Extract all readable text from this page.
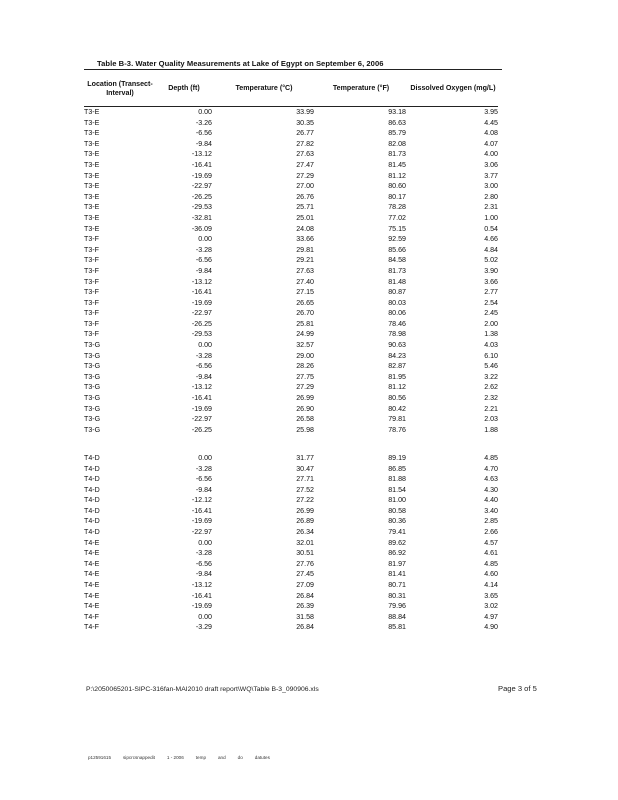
Table B-3. Water Quality Measurements at Lake of Egypt on September 6, 2006
Location (Transect-Interval)	Depth (ft)	Temperature (°C)	Temperature (°F)	Dissolved Oxygen (mg/L)
T3-E	0.00	33.99	93.18	3.95
T3-E	-3.26	30.35	86.63	4.45
T3-E	-6.56	26.77	85.79	4.08
T3-E	-9.84	27.82	82.08	4.07
T3-E	-13.12	27.63	81.73	4.00
T3-E	-16.41	27.47	81.45	3.06
T3-E	-19.69	27.29	81.12	3.77
T3-E	-22.97	27.00	80.60	3.00
T3-E	-26.25	26.76	80.17	2.80
T3-E	-29.53	25.71	78.28	2.31
T3-E	-32.81	25.01	77.02	1.00
T3-E	-36.09	24.08	75.15	0.54
T3-F	0.00	33.66	92.59	4.66
T3-F	-3.28	29.81	85.66	4.84
T3-F	-6.56	29.21	84.58	5.02
T3-F	-9.84	27.63	81.73	3.90
T3-F	-13.12	27.40	81.48	3.66
T3-F	-16.41	27.15	80.87	2.77
T3-F	-19.69	26.65	80.03	2.54
T3-F	-22.97	26.70	80.06	2.45
T3-F	-26.25	25.81	78.46	2.00
T3-F	-29.53	24.99	78.98	1.38
T3-G	0.00	32.57	90.63	4.03
T3-G	-3.28	29.00	84.23	6.10
T3-G	-6.56	28.26	82.87	5.46
T3-G	-9.84	27.75	81.95	3.22
T3-G	-13.12	27.29	81.12	2.62
T3-G	-16.41	26.99	80.56	2.32
T3-G	-19.69	26.90	80.42	2.21
T3-G	-22.97	26.58	79.81	2.03
T3-G	-26.25	25.98	78.76	1.88

T4-D	0.00	31.77	89.19	4.85
T4-D	-3.28	30.47	86.85	4.70
T4-D	-6.56	27.71	81.88	4.63
T4-D	-9.84	27.52	81.54	4.30
T4-D	-12.12	27.22	81.00	4.40
T4-D	-16.41	26.99	80.58	3.40
T4-D	-19.69	26.89	80.36	2.85
T4-D	-22.97	26.34	79.41	2.66
T4-E	0.00	32.01	89.62	4.57
T4-E	-3.28	30.51	86.92	4.61
T4-E	-6.56	27.76	81.97	4.85
T4-E	-9.84	27.45	81.41	4.60
T4-E	-13.12	27.09	80.71	4.14
T4-E	-16.41	26.84	80.31	3.65
T4-E	-19.69	26.39	79.96	3.02
T4-F	0.00	31.58	88.84	4.97
T4-F	-3.29	26.84	85.81	4.90
P:\2050065201-SIPC-316fan-MAI2010 draft report\WQ\Table B-3_090906.xls	Page 3 of 5
p12591615	sipcrcsnappedit	1 - 2006	temp	and	do	datutes
